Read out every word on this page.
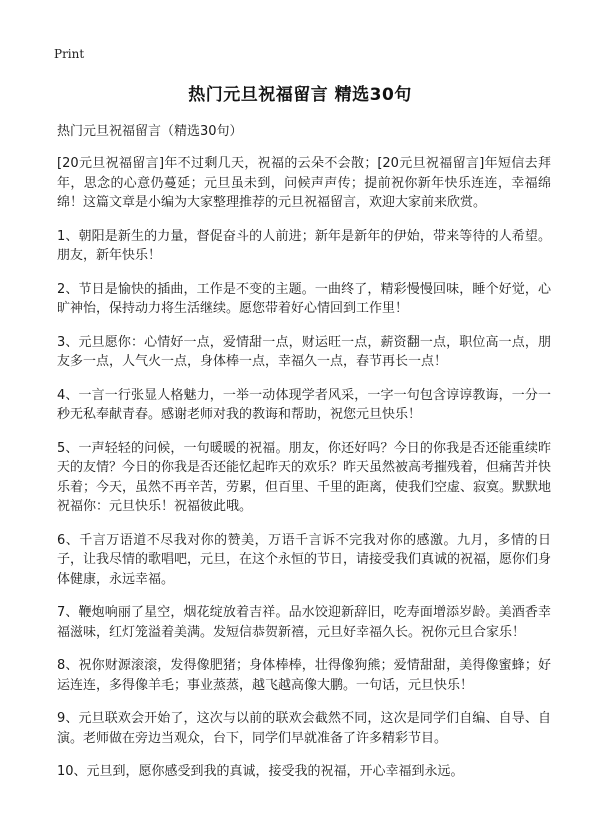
Print
热门元旦祝福留言 精选30句

热门元旦祝福留言（精选30句）

[20元旦祝福留言]年不过剩几天，祝福的云朵不会散；[20元旦祝福留言]年短信去拜年，思念的心意仍蔓延；元旦虽未到，问候声声传；提前祝你新年快乐连连，幸福绵绵！这篇文章是小编为大家整理推荐的元旦祝福留言，欢迎大家前来欣赏。

1、朝阳是新生的力量，督促奋斗的人前进；新年是新年的伊始，带来等待的人希望。朋友，新年快乐！

2、节日是愉快的插曲，工作是不变的主题。一曲终了，精彩慢慢回味，睡个好觉，心旷神怡，保持动力将生活继续。愿您带着好心情回到工作里！

3、元旦愿你：心情好一点，爱情甜一点，财运旺一点，薪资翻一点，职位高一点，朋友多一点，人气火一点，身体棒一点，幸福久一点，春节再长一点！

4、一言一行张显人格魅力，一举一动体现学者风采，一字一句包含谆谆教诲，一分一秒无私奉献青春。感谢老师对我的教诲和帮助，祝您元旦快乐！

5、一声轻轻的问候，一句暖暖的祝福。朋友，你还好吗？今日的你我是否还能重续昨天的友情？今日的你我是否还能忆起昨天的欢乐？昨天虽然被高考摧残着，但痛苦并快乐着；今天，虽然不再辛苦，劳累，但百里、千里的距离，使我们空虚、寂寞。默默地祝福你：元旦快乐！祝福彼此哦。

6、千言万语道不尽我对你的赞美，万语千言诉不完我对你的感激。九月，多情的日子，让我尽情的歌唱吧，元旦，在这个永恒的节日，请接受我们真诚的祝福，愿你们身体健康，永远幸福。

7、鞭炮响丽了星空，烟花绽放着吉祥。品水饺迎新辞旧，吃寿面增添岁龄。美酒香幸福滋味，红灯笼溢着美满。发短信恭贺新禧，元旦好幸福久长。祝你元旦合家乐！

8、祝你财源滚滚，发得像肥猪；身体棒棒，壮得像狗熊；爱情甜甜，美得像蜜蜂；好运连连，多得像羊毛；事业蒸蒸，越飞越高像大鹏。一句话，元旦快乐！

9、元旦联欢会开始了，这次与以前的联欢会截然不同，这次是同学们自编、自导、自演。老师做在旁边当观众，台下，同学们早就准备了许多精彩节目。

10、元旦到，愿你感受到我的真诚，接受我的祝福，开心幸福到永远。
